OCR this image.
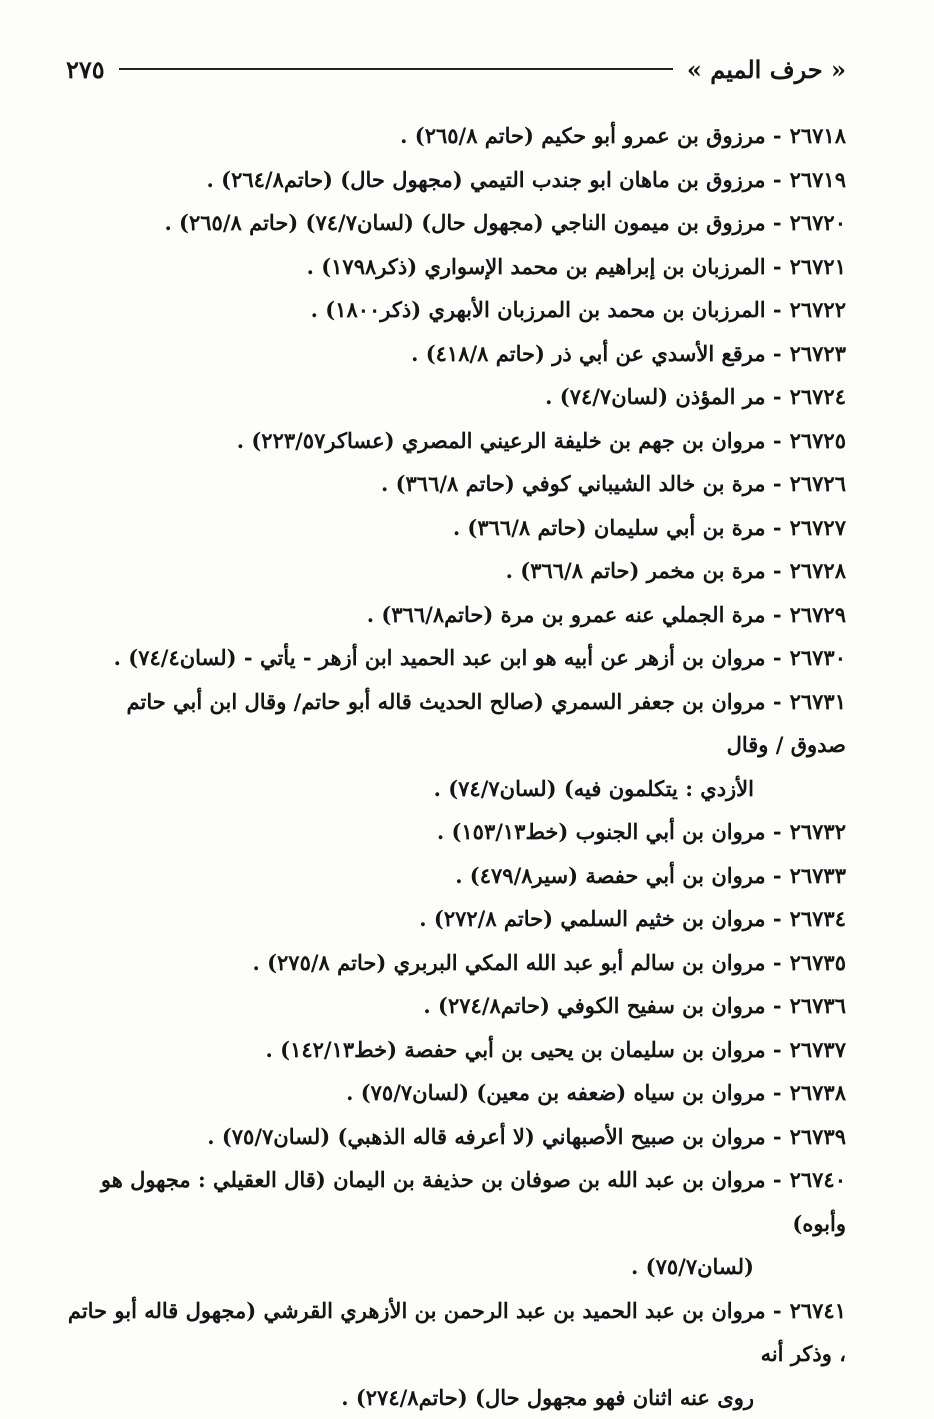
« حرف الميم »
٢٧٥
٢٦٧١٨- مرزوق بن عمرو أبو حكيم (حاتم ٢٦٥/٨) .
٢٦٧١٩- مرزوق بن ماهان ابو جندب التيمي (مجهول حال) (حاتم٢٦٤/٨) .
٢٦٧٢٠- مرزوق بن ميمون الناجي (مجهول حال) (لسان٧٤/٧) (حاتم ٢٦٥/٨) .
٢٦٧٢١- المرزبان بن إبراهيم بن محمد الإسواري (ذكر١٧٩٨) .
٢٦٧٢٢- المرزبان بن محمد بن المرزبان الأبهري (ذكر١٨٠٠) .
٢٦٧٢٣- مرقع الأسدي عن أبي ذر (حاتم ٤١٨/٨) .
٢٦٧٢٤- مر المؤذن (لسان٧٤/٧) .
٢٦٧٢٥- مروان بن جهم بن خليفة الرعيني المصري (عساكر٢٢٣/٥٧) .
٢٦٧٢٦- مرة بن خالد الشيباني كوفي (حاتم ٣٦٦/٨) .
٢٦٧٢٧- مرة بن أبي سليمان (حاتم ٣٦٦/٨) .
٢٦٧٢٨- مرة بن مخمر (حاتم ٣٦٦/٨) .
٢٦٧٢٩- مرة الجملي عنه عمرو بن مرة (حاتم٣٦٦/٨) .
٢٦٧٣٠- مروان بن أزهر عن أبيه هو ابن عبد الحميد ابن أزهر - يأتي - (لسان٧٤/٤) .
٢٦٧٣١- مروان بن جعفر السمري (صالح الحديث قاله أبو حاتم/ وقال ابن أبي حاتم صدوق / وقال
الأزدي : يتكلمون فيه) (لسان٧٤/٧) .
٢٦٧٣٢- مروان بن أبي الجنوب (خط١٥٣/١٣) .
٢٦٧٣٣- مروان بن أبي حفصة (سير٤٧٩/٨) .
٢٦٧٣٤- مروان بن خثيم السلمي (حاتم ٢٧٢/٨) .
٢٦٧٣٥- مروان بن سالم أبو عبد الله المكي البربري (حاتم ٢٧٥/٨) .
٢٦٧٣٦- مروان بن سفيح الكوفي (حاتم٢٧٤/٨) .
٢٦٧٣٧- مروان بن سليمان بن يحيى بن أبي حفصة (خط١٤٢/١٣) .
٢٦٧٣٨- مروان بن سياه (ضعفه بن معين) (لسان٧٥/٧) .
٢٦٧٣٩- مروان بن صبيح الأصبهاني (لا أعرفه قاله الذهبي) (لسان٧٥/٧) .
٢٦٧٤٠- مروان بن عبد الله بن صوفان بن حذيفة بن اليمان (قال العقيلي : مجهول هو وأبوه)
(لسان٧٥/٧) .
٢٦٧٤١- مروان بن عبد الحميد بن عبد الرحمن بن الأزهري القرشي (مجهول قاله أبو حاتم ، وذكر أنه
روى عنه اثنان فهو مجهول حال) (حاتم٢٧٤/٨) .
